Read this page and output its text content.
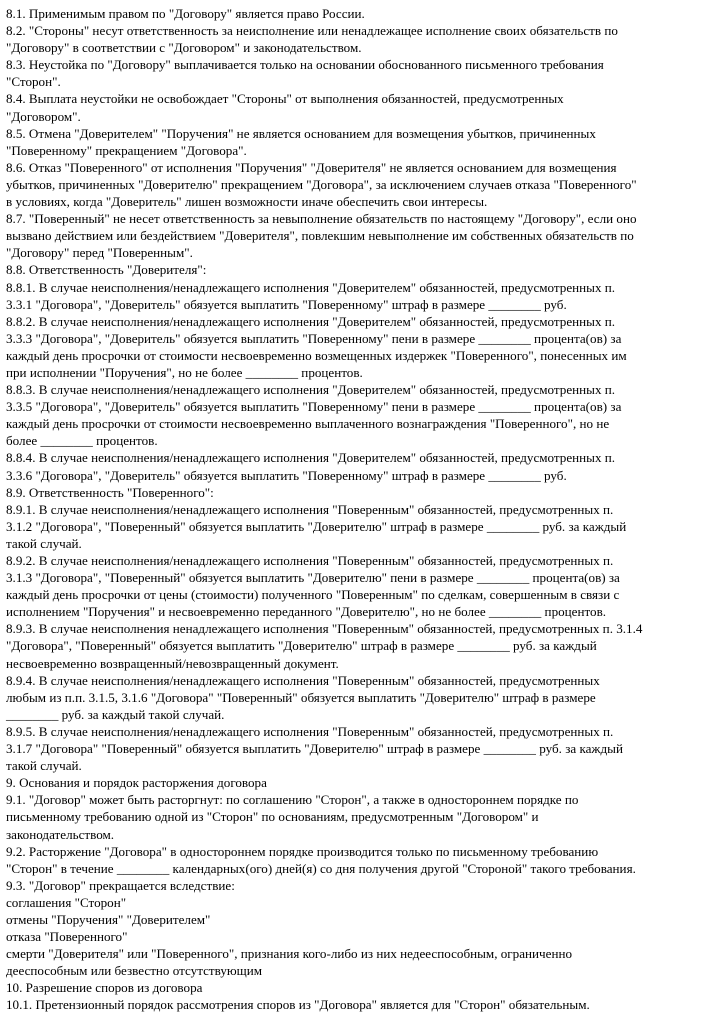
8.1. Применимым правом по "Договору" является право России.
8.2. "Стороны" несут ответственность за неисполнение или ненадлежащее исполнение своих обязательств по
"Договору" в соответствии с "Договором" и законодательством.
8.3. Неустойка по "Договору" выплачивается только на основании обоснованного письменного требования
"Сторон".
8.4. Выплата неустойки не освобождает "Стороны" от выполнения обязанностей, предусмотренных
"Договором".
8.5. Отмена "Доверителем" "Поручения" не является основанием для возмещения убытков, причиненных
"Поверенному" прекращением "Договора".
8.6. Отказ "Поверенного" от исполнения "Поручения" "Доверителя" не является основанием для возмещения
убытков, причиненных "Доверителю" прекращением "Договора", за исключением случаев отказа "Поверенного"
в условиях, когда "Доверитель" лишен возможности иначе обеспечить свои интересы.
8.7. "Поверенный" не несет ответственность за невыполнение обязательств по настоящему "Договору", если оно
вызвано действием или бездействием "Доверителя", повлекшим невыполнение им собственных обязательств по
"Договору" перед "Поверенным".
8.8. Ответственность "Доверителя":
8.8.1. В случае неисполнения/ненадлежащего исполнения "Доверителем" обязанностей, предусмотренных п.
3.3.1 "Договора", "Доверитель" обязуется выплатить "Поверенному" штраф в размере ________ руб.
8.8.2. В случае неисполнения/ненадлежащего исполнения "Доверителем" обязанностей, предусмотренных п.
3.3.3 "Договора", "Доверитель" обязуется выплатить "Поверенному" пени в размере ________ процента(ов) за
каждый день просрочки от стоимости несвоевременно возмещенных издержек "Поверенного", понесенных им
при исполнении "Поручения", но не более ________ процентов.
8.8.3. В случае неисполнения/ненадлежащего исполнения "Доверителем" обязанностей, предусмотренных п.
3.3.5 "Договора", "Доверитель" обязуется выплатить "Поверенному" пени в размере ________ процента(ов) за
каждый день просрочки от стоимости несвоевременно выплаченного вознаграждения "Поверенного", но не
более ________ процентов.
8.8.4. В случае неисполнения/ненадлежащего исполнения "Доверителем" обязанностей, предусмотренных п.
3.3.6 "Договора", "Доверитель" обязуется выплатить "Поверенному" штраф в размере ________ руб.
8.9. Ответственность "Поверенного":
8.9.1. В случае неисполнения/ненадлежащего исполнения "Поверенным" обязанностей, предусмотренных п.
3.1.2 "Договора", "Поверенный" обязуется выплатить "Доверителю" штраф в размере ________ руб. за каждый
такой случай.
8.9.2. В случае неисполнения/ненадлежащего исполнения "Поверенным" обязанностей, предусмотренных п.
3.1.3 "Договора", "Поверенный" обязуется выплатить "Доверителю" пени в размере ________ процента(ов) за
каждый день просрочки от цены (стоимости) полученного "Поверенным" по сделкам, совершенным в связи с
исполнением "Поручения" и несвоевременно переданного "Доверителю", но не более ________ процентов.
8.9.3. В случае неисполнения ненадлежащего исполнения "Поверенным" обязанностей, предусмотренных п. 3.1.4
"Договора", "Поверенный" обязуется выплатить "Доверителю" штраф в размере ________ руб. за каждый
несвоевременно возвращенный/невозвращенный документ.
8.9.4. В случае неисполнения/ненадлежащего исполнения "Поверенным" обязанностей, предусмотренных
любым из п.п. 3.1.5, 3.1.6 "Договора" "Поверенный" обязуется выплатить "Доверителю" штраф в размере
________ руб. за каждый такой случай.
8.9.5. В случае неисполнения/ненадлежащего исполнения "Поверенным" обязанностей, предусмотренных п.
3.1.7 "Договора" "Поверенный" обязуется выплатить "Доверителю" штраф в размере ________ руб. за каждый
такой случай.
9. Основания и порядок расторжения договора
9.1. "Договор" может быть расторгнут: по соглашению "Сторон", а также в одностороннем порядке по
письменному требованию одной из "Сторон" по основаниям, предусмотренным "Договором" и
законодательством.
9.2. Расторжение "Договора" в одностороннем порядке производится только по письменному требованию
"Сторон" в течение ________ календарных(ого) дней(я) со дня получения другой "Стороной" такого требования.
9.3. "Договор" прекращается вследствие:
соглашения "Сторон"
отмены "Поручения" "Доверителем"
отказа "Поверенного"
смерти "Доверителя" или "Поверенного", признания кого-либо из них недееспособным, ограниченно
дееспособным или безвестно отсутствующим
10. Разрешение споров из договора
10.1. Претензионный порядок рассмотрения споров из "Договора" является для "Сторон" обязательным.
